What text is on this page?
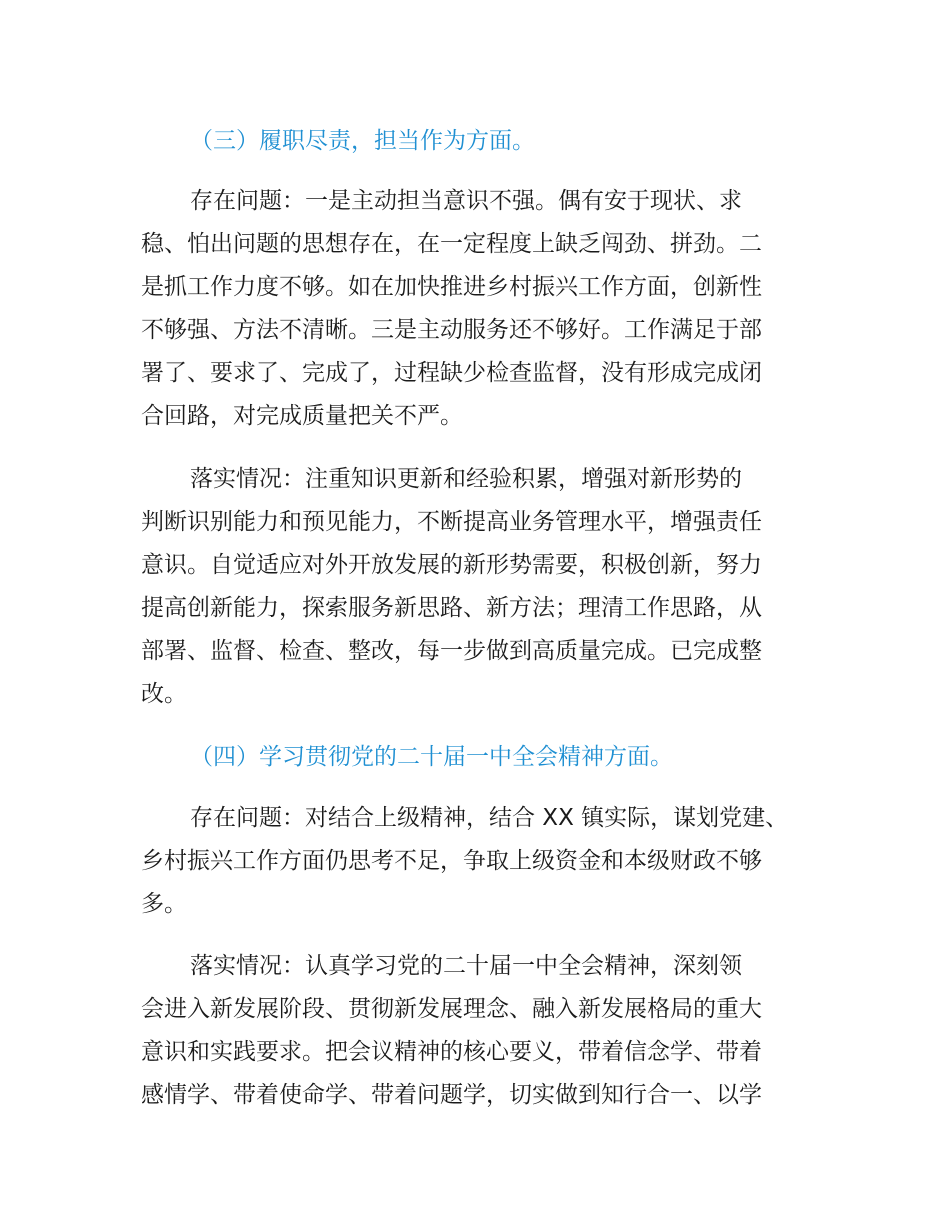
（三）履职尽责，担当作为方面。
存在问题：一是主动担当意识不强。偶有安于现状、求
稳、怕出问题的思想存在，在一定程度上缺乏闯劲、拼劲。二
是抓工作力度不够。如在加快推进乡村振兴工作方面，创新性
不够强、方法不清晰。三是主动服务还不够好。工作满足于部
署了、要求了、完成了，过程缺少检查监督，没有形成完成闭
合回路，对完成质量把关不严。
落实情况：注重知识更新和经验积累，增强对新形势的
判断识别能力和预见能力，不断提高业务管理水平，增强责任
意识。自觉适应对外开放发展的新形势需要，积极创新，努力
提高创新能力，探索服务新思路、新方法；理清工作思路，从
部署、监督、检查、整改，每一步做到高质量完成。已完成整
改。
（四）学习贯彻党的二十届一中全会精神方面。
存在问题：对结合上级精神，结合 XX 镇实际，谋划党建、
乡村振兴工作方面仍思考不足，争取上级资金和本级财政不够
多。
落实情况：认真学习党的二十届一中全会精神，深刻领
会进入新发展阶段、贯彻新发展理念、融入新发展格局的重大
意识和实践要求。把会议精神的核心要义，带着信念学、带着
感情学、带着使命学、带着问题学，切实做到知行合一、以学
